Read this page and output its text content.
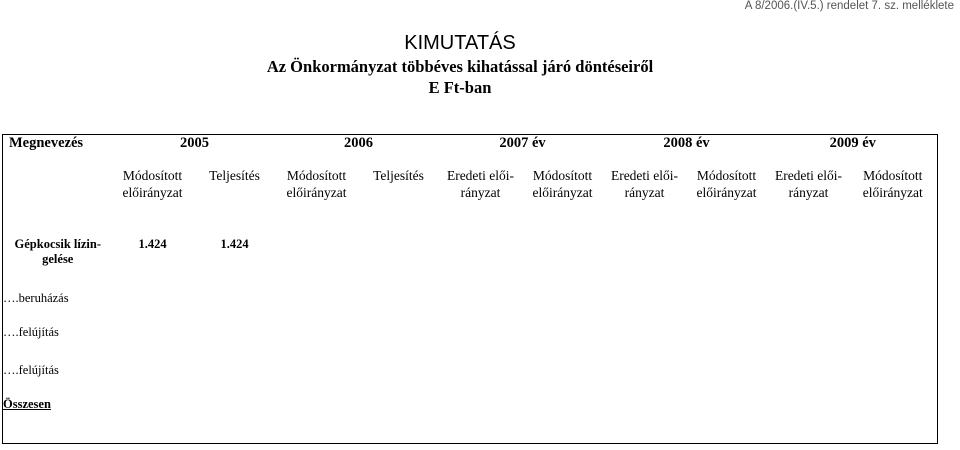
A 8/2006.(IV.5.) rendelet 7. sz. melléklete
KIMUTATÁS
Az Önkormányzat többéves kihatással járó döntéseiről
E Ft-ban
Megnevezés	2005		2006		2007 év		2008 év		2009 év	
	Módosított előirányzat	Teljesítés	Módosított előirányzat	Teljesítés	Eredeti elői-rányzat	Módosított előirányzat	Eredeti elői-rányzat	Módosított előirányzat	Eredeti elői-rányzat	Módosított előirányzat
Gépkocsik lízin-gelése	1.424	1.424								
….beruházás										
….felújítás										
….felújítás										
Összesen										
